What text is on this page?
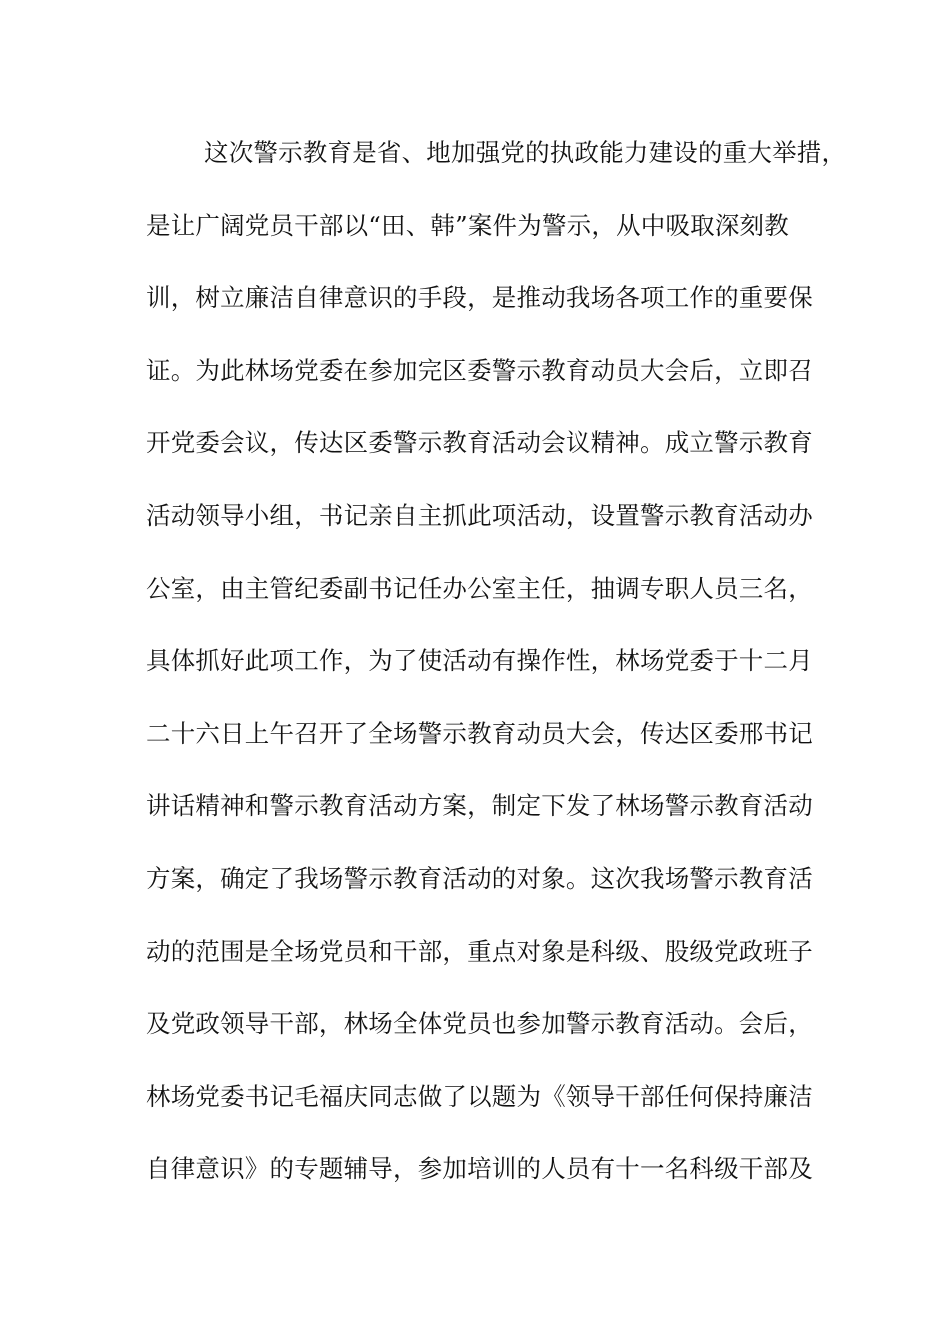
这次警示教育是省、地加强党的执政能力建设的重大举措，
是让广阔党员干部以“田、韩”案件为警示，从中吸取深刻教
训，树立廉洁自律意识的手段，是推动我场各项工作的重要保
证。为此林场党委在参加完区委警示教育动员大会后，立即召
开党委会议，传达区委警示教育活动会议精神。成立警示教育
活动领导小组，书记亲自主抓此项活动，设置警示教育活动办
公室，由主管纪委副书记任办公室主任，抽调专职人员三名，
具体抓好此项工作，为了使活动有操作性，林场党委于十二月
二十六日上午召开了全场警示教育动员大会，传达区委邢书记
讲话精神和警示教育活动方案，制定下发了林场警示教育活动
方案，确定了我场警示教育活动的对象。这次我场警示教育活
动的范围是全场党员和干部，重点对象是科级、股级党政班子
及党政领导干部，林场全体党员也参加警示教育活动。会后，
林场党委书记毛福庆同志做了以题为《领导干部任何保持廉洁
自律意识》的专题辅导，参加培训的人员有十一名科级干部及
